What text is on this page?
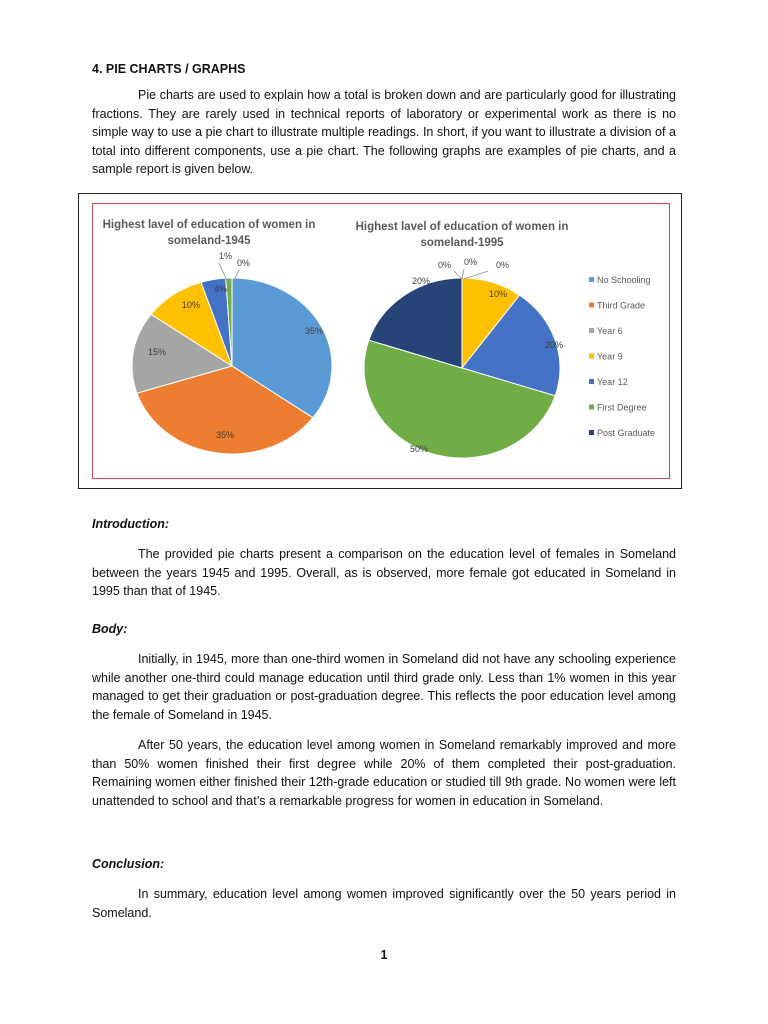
4. PIE CHARTS / GRAPHS
Pie charts are used to explain how a total is broken down and are particularly good for illustrating fractions. They are rarely used in technical reports of laboratory or experimental work as there is no simple way to use a pie chart to illustrate multiple readings. In short, if you want to illustrate a division of a total into different components, use a pie chart. The following graphs are examples of pie charts, and a sample report is given below.
Highest lavel of education of women in
someland-1945
35%
35%
15%
10%
4%
1%
0%
Highest lavel of education of women in
someland-1995
0% 0% 0%
10%
20%
50%
20%	No Schooling
Third Grade
Year 6
Year 9
Year 12
First Degree
Post Graduate
Introduction:
The provided pie charts present a comparison on the education level of females in Someland between the years 1945 and 1995. Overall, as is observed, more female got educated in Someland in 1995 than that of 1945.
Body:
Initially, in 1945, more than one-third women in Someland did not have any schooling experience while another one-third could manage education until third grade only. Less than 1% women in this year managed to get their graduation or post-graduation degree. This reflects the poor education level among the female of Someland in 1945.
After 50 years, the education level among women in Someland remarkably improved and more than 50% women finished their first degree while 20% of them completed their post-graduation. Remaining women either finished their 12th-grade education or studied till 9th grade. No women were left unattended to school and that’s a remarkable progress for women in education in Someland.
Conclusion:
In summary, education level among women improved significantly over the 50 years period in Someland.
1
